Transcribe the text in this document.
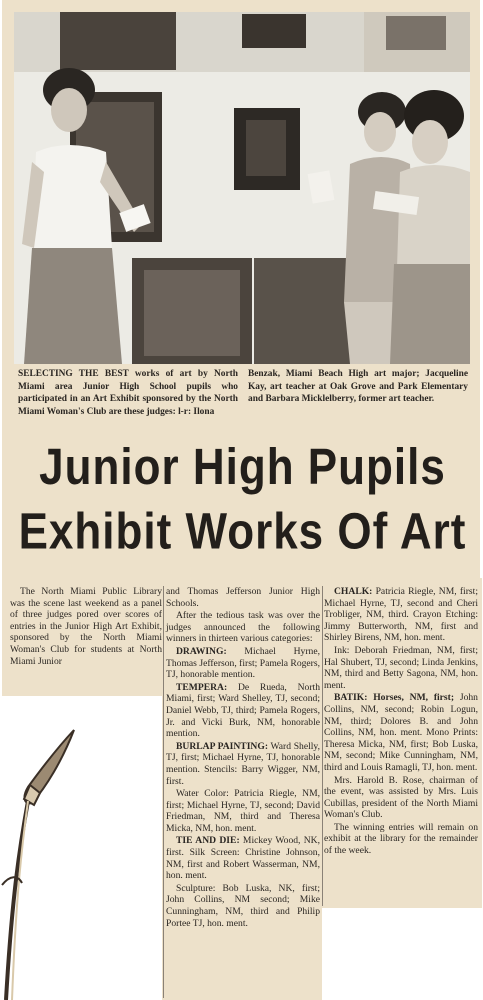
SELECTING THE BEST works of art by North Miami area Junior High School pupils who participated in an Art Exhibit sponsored by the North Miami Woman's Club are these judges: l-r: Ilona
Benzak, Miami Beach High art major; Jacqueline Kay, art teacher at Oak Grove and Park Elementary and Barbara Micklelberry, former art teacher.
Junior High Pupils
Exhibit Works Of Art

The North Miami Public Library was the scene last weekend as a panel of three judges pored over scores of entries in the Junior High Art Exhibit, sponsored by the North Miami Woman's Club for students at North Miami Junior

and Thomas Jefferson Junior High Schools.

After the tedious task was over the judges announced the following winners in thirteen various categories:

DRAWING: Michael Hyrne, Thomas Jefferson, first; Pamela Rogers, TJ, honorable mention.

TEMPERA: De Rueda, North Miami, first; Ward Shelley, TJ, second; Daniel Webb, TJ, third; Pamela Rogers, Jr. and Vicki Burk, NM, honorable mention.

BURLAP PAINTING: Ward Shelly, TJ, first; Michael Hyrne, TJ, honorable mention. Stencils: Barry Wigger, NM, first.

Water Color: Patricia Riegle, NM, first; Michael Hyrne, TJ, second; David Friedman, NM, third and Theresa Micka, NM, hon. ment.

TIE AND DIE: Mickey Wood, NK, first. Silk Screen: Christine Johnson, NM, first and Robert Wasserman, NM, hon. ment.

Sculpture: Bob Luska, NK, first; John Collins, NM second; Mike Cunningham, NM, third and Philip Portee TJ, hon. ment.

CHALK: Patricia Riegle, NM, first; Michael Hyrne, TJ, second and Cheri Trobliger, NM, third. Crayon Etching: Jimmy Butterworth, NM, first and Shirley Birens, NM, hon. ment.

Ink: Deborah Friedman, NM, first; Hal Shubert, TJ, second; Linda Jenkins, NM, third and Betty Sagona, NM, hon. ment.

BATIK: Horses, NM, first; John Collins, NM, second; Robin Logun, NM, third; Dolores B. and John Collins, NM, hon. ment. Mono Prints: Theresa Micka, NM, first; Bob Luska, NM, second; Mike Cunningham, NM, third and Louis Ramagli, TJ, hon. ment.

Mrs. Harold B. Rose, chairman of the event, was assisted by Mrs. Luis Cubillas, president of the North Miami Woman's Club.

The winning entries will remain on exhibit at the library for the remainder of the week.
